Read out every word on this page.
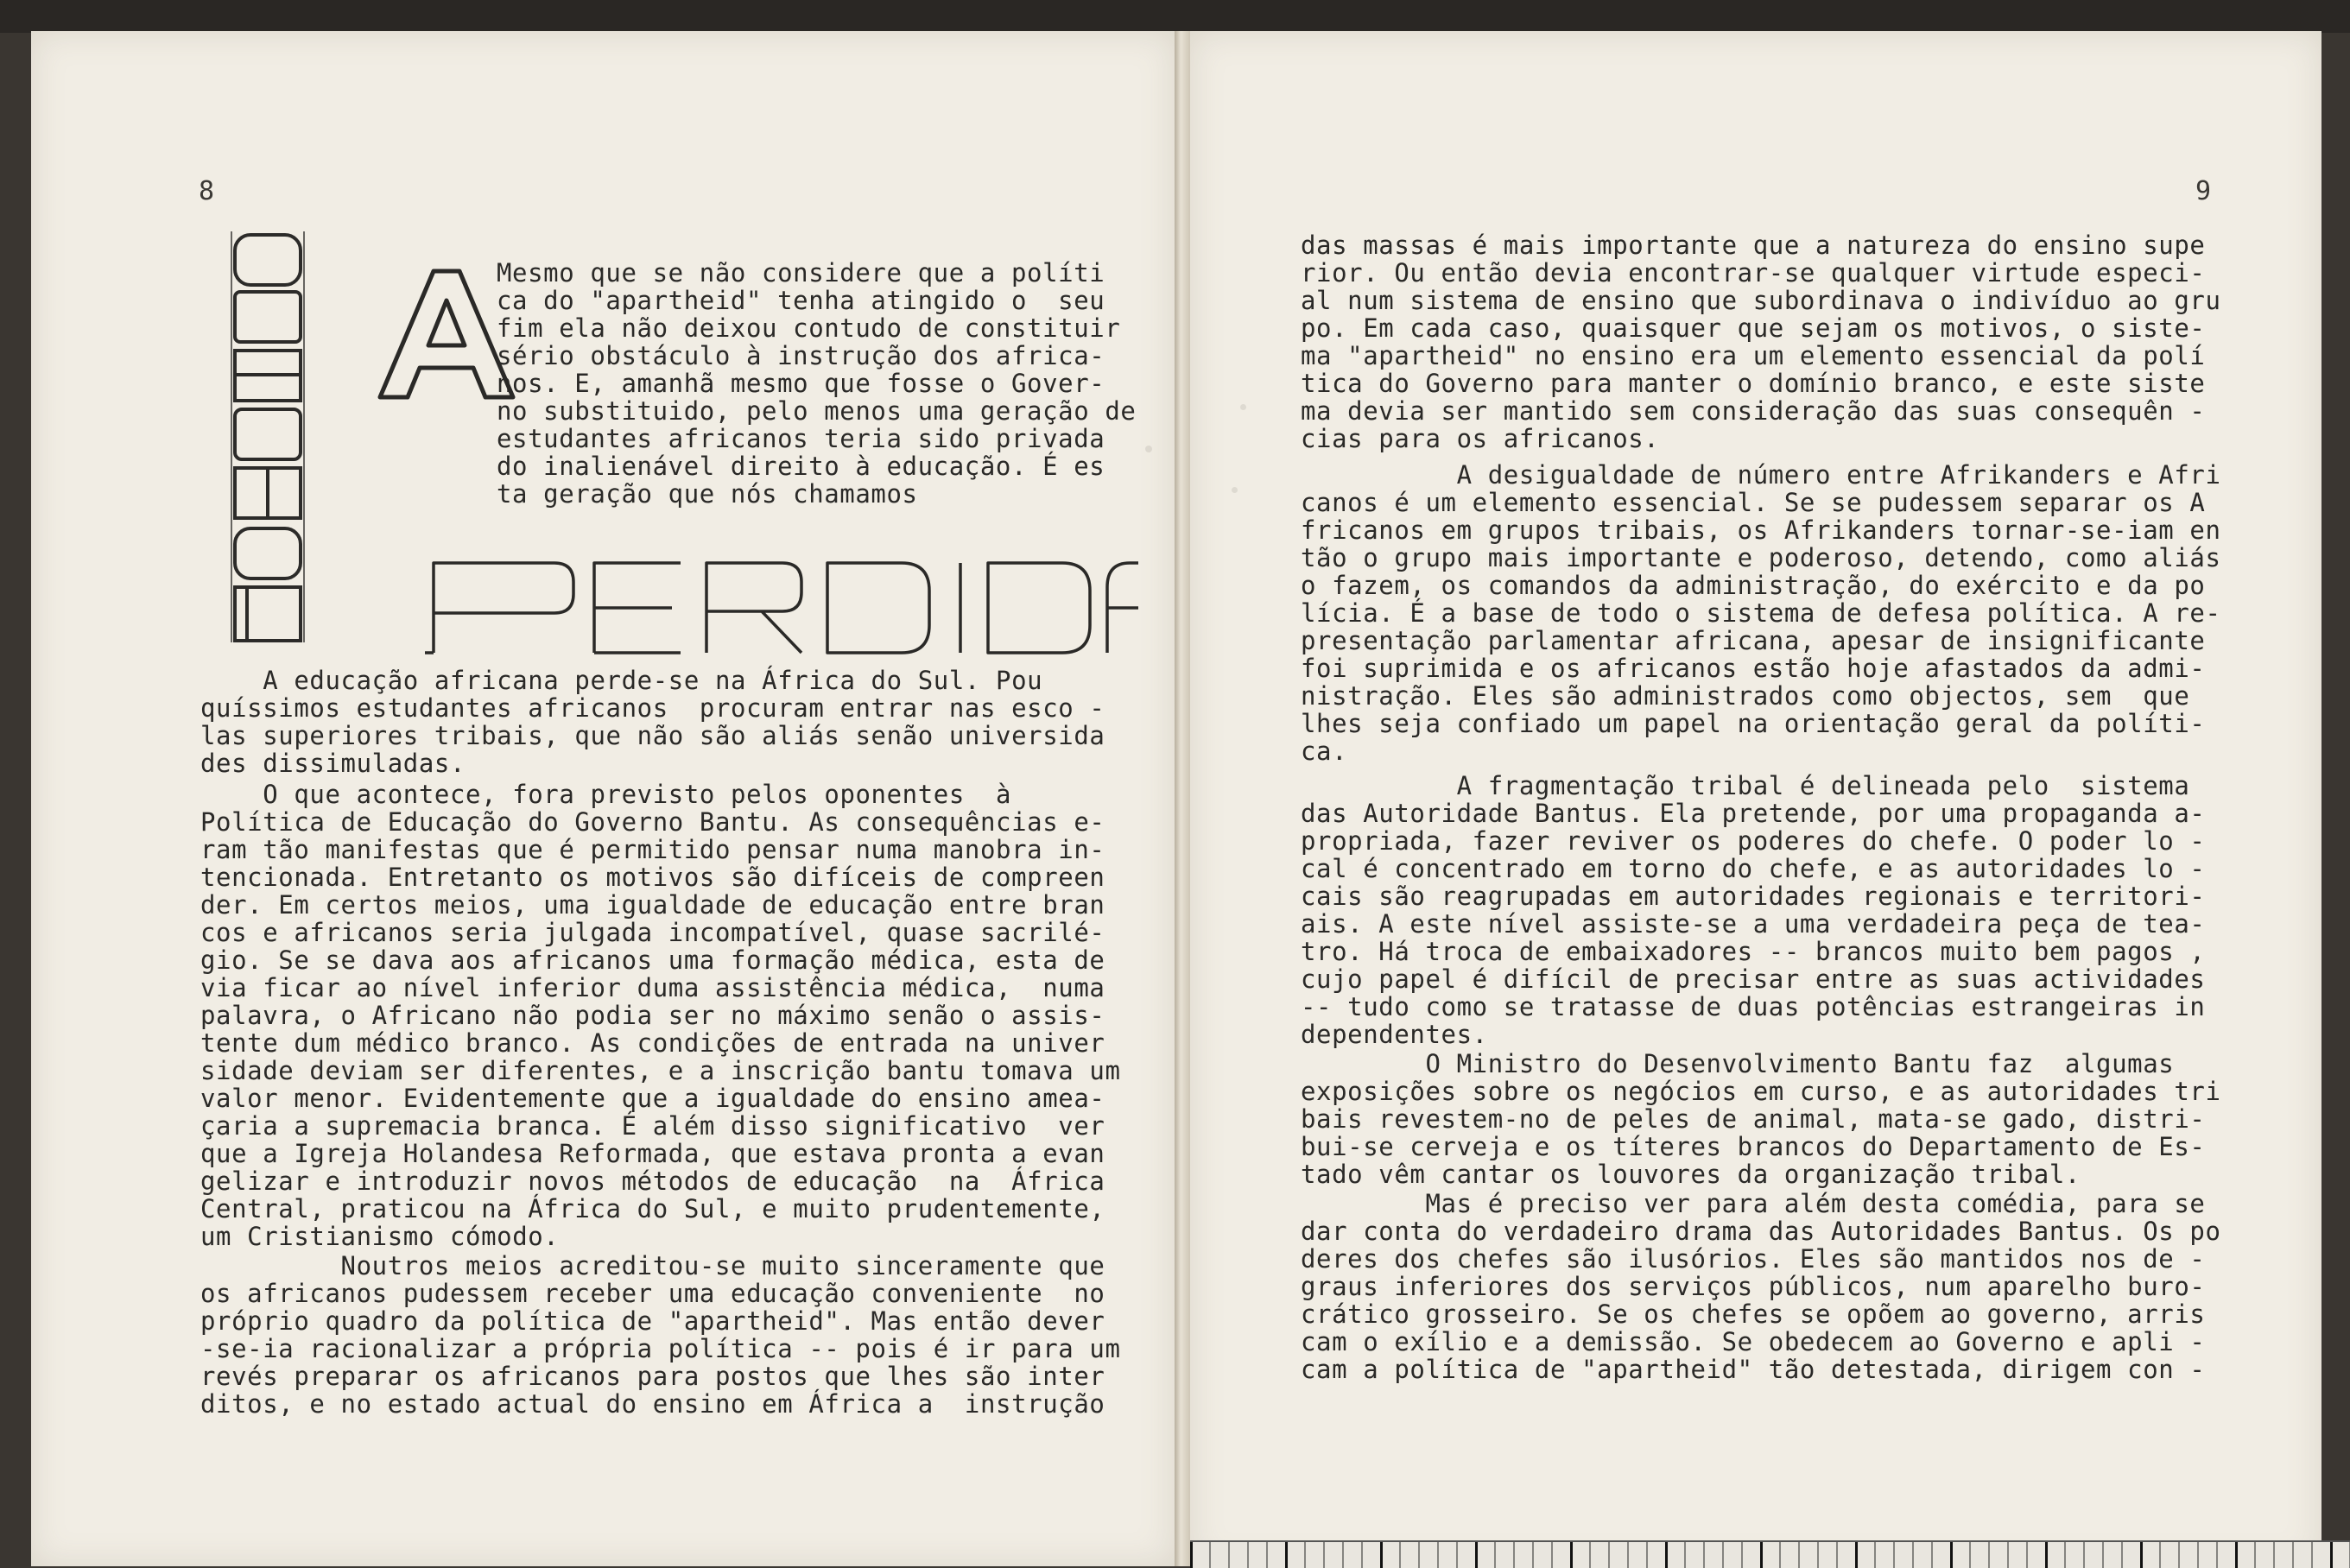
8
Mesmo que se não considere que a políti
ca do "apartheid" tenha atingido o  seu
fim ela não deixou contudo de constituir
sério obstáculo à instrução dos africa-
nos. E, amanhã mesmo que fosse o Gover-
no substituido, pelo menos uma geração de
estudantes africanos teria sido privada
do inalienável direito à educação. É es
ta geração que nós chamamos
A educação africana perde-se na África do Sul. Pou
quíssimos estudantes africanos  procuram entrar nas esco -
las superiores tribais, que não são aliás senão universida
des dissimuladas.
O que acontece, fora previsto pelos oponentes  à
Política de Educação do Governo Bantu. As consequências e-
ram tão manifestas que é permitido pensar numa manobra in-
tencionada. Entretanto os motivos são difíceis de compreen
der. Em certos meios, uma igualdade de educação entre bran
cos e africanos seria julgada incompatível, quase sacrilé-
gio. Se se dava aos africanos uma formação médica, esta de
via ficar ao nível inferior duma assistência médica,  numa
palavra, o Africano não podia ser no máximo senão o assis-
tente dum médico branco. As condições de entrada na univer
sidade deviam ser diferentes, e a inscrição bantu tomava um
valor menor. Evidentemente que a igualdade do ensino amea-
çaria a supremacia branca. É além disso significativo  ver
que a Igreja Holandesa Reformada, que estava pronta a evan
gelizar e introduzir novos métodos de educação  na  África
Central, praticou na África do Sul, e muito prudentemente,
um Cristianismo cómodo.
Noutros meios acreditou-se muito sinceramente que
os africanos pudessem receber uma educação conveniente  no
próprio quadro da política de "apartheid". Mas então dever
-se-ia racionalizar a própria política -- pois é ir para um
revés preparar os africanos para postos que lhes são inter
ditos, e no estado actual do ensino em África a  instrução
9
das massas é mais importante que a natureza do ensino supe
rior. Ou então devia encontrar-se qualquer virtude especi-
al num sistema de ensino que subordinava o indivíduo ao gru
po. Em cada caso, quaisquer que sejam os motivos, o siste-
ma "apartheid" no ensino era um elemento essencial da polí
tica do Governo para manter o domínio branco, e este siste
ma devia ser mantido sem consideração das suas consequên -
cias para os africanos.
A desigualdade de número entre Afrikanders e Afri
canos é um elemento essencial. Se se pudessem separar os A
fricanos em grupos tribais, os Afrikanders tornar-se-iam en
tão o grupo mais importante e poderoso, detendo, como aliás
o fazem, os comandos da administração, do exército e da po
lícia. É a base de todo o sistema de defesa política. A re-
presentação parlamentar africana, apesar de insignificante
foi suprimida e os africanos estão hoje afastados da admi-
nistração. Eles são administrados como objectos, sem  que
lhes seja confiado um papel na orientação geral da políti-
ca.
A fragmentação tribal é delineada pelo  sistema
das Autoridade Bantus. Ela pretende, por uma propaganda a-
propriada, fazer reviver os poderes do chefe. O poder lo -
cal é concentrado em torno do chefe, e as autoridades lo -
cais são reagrupadas em autoridades regionais e territori-
ais. A este nível assiste-se a uma verdadeira peça de tea-
tro. Há troca de embaixadores -- brancos muito bem pagos ,
cujo papel é difícil de precisar entre as suas actividades
-- tudo como se tratasse de duas potências estrangeiras in
dependentes.
O Ministro do Desenvolvimento Bantu faz  algumas
exposições sobre os negócios em curso, e as autoridades tri
bais revestem-no de peles de animal, mata-se gado, distri-
bui-se cerveja e os títeres brancos do Departamento de Es-
tado vêm cantar os louvores da organização tribal.
Mas é preciso ver para além desta comédia, para se
dar conta do verdadeiro drama das Autoridades Bantus. Os po
deres dos chefes são ilusórios. Eles são mantidos nos de -
graus inferiores dos serviços públicos, num aparelho buro-
crático grosseiro. Se os chefes se opõem ao governo, arris
cam o exílio e a demissão. Se obedecem ao Governo e apli -
cam a política de "apartheid" tão detestada, dirigem con -
